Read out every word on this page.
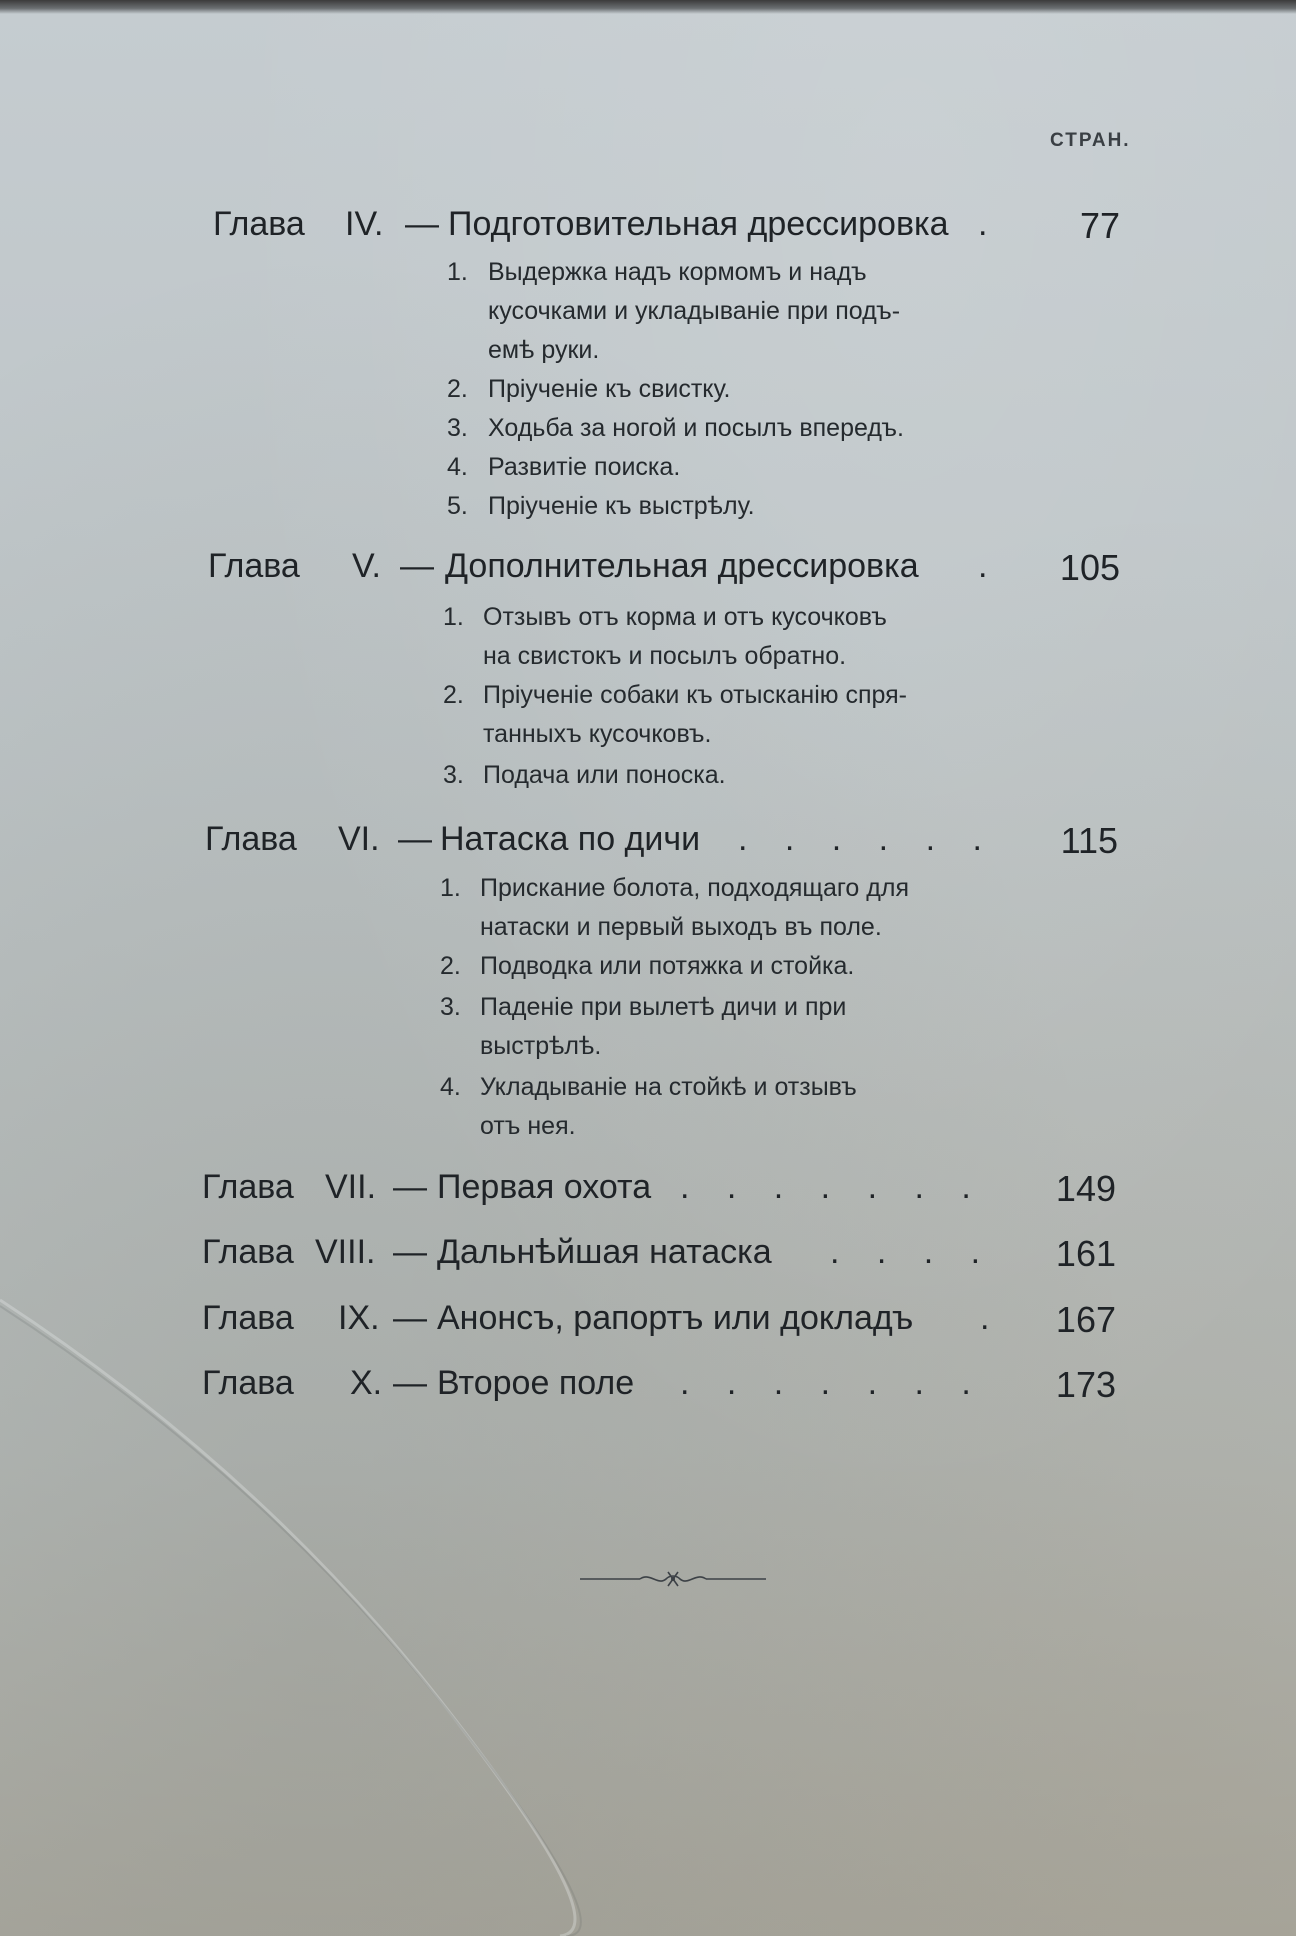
СТРАН.
Глава IV. — Подготовительная дрессировка .	77
1. Выдержка надъ кормомъ и надъ
кусочками и укладываніе при подъ-
емѣ руки.
2. Пріученіе къ свистку.
3. Ходьба за ногой и посылъ впередъ.
4. Развитіе поиска.
5. Пріученіе къ выстрѣлу.
Глава V. — Дополнительная дрессировка .	105
1. Отзывъ отъ корма и отъ кусочковъ
на свистокъ и посылъ обратно.
2. Пріученіе собаки къ отысканію спря-
танныхъ кусочковъ.
3. Подача или поноска.
Глава VI. — Натаска по дичи . . . . . .	115
1. Прискание болота, подходящаго для
натаски и первый выходъ въ поле.
2. Подводка или потяжка и стойка.
3. Паденіе при вылетѣ дичи и при
выстрѣлѣ.
4. Укладываніе на стойкѣ и отзывъ
отъ нея.
Глава VII. — Первая охота . . . . . . .	149
Глава VIII. — Дальнѣйшая натаска . . . .	161
Глава IX. — Анонсъ, рапортъ или докладъ .	167
Глава X. — Второе поле . . . . . . .	173
